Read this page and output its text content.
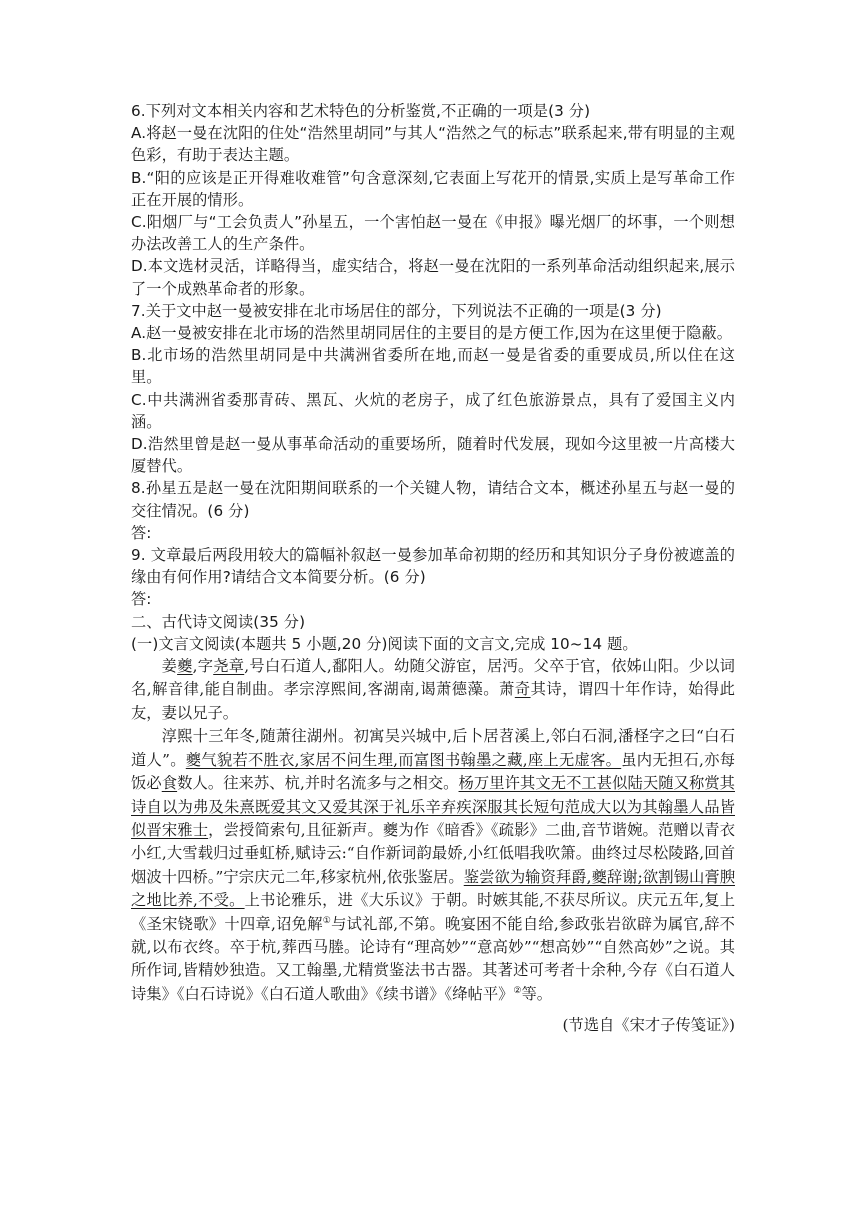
6.下列对文本相关内容和艺术特色的分析鉴赏,不正确的一项是(3 分)

A.将赵一曼在沈阳的住处“浩然里胡同”与其人“浩然之气的标志”联系起来,带有明显的主观色彩，有助于表达主题。

B.“阳的应该是正开得难收难管”句含意深刻,它表面上写花开的情景,实质上是写革命工作正在开展的情形。

C.阳烟厂与“工会负责人”孙星五，一个害怕赵一曼在《申报》曝光烟厂的坏事，一个则想办法改善工人的生产条件。

D.本文选材灵活，详略得当，虚实结合，将赵一曼在沈阳的一系列革命活动组织起来,展示了一个成熟革命者的形象。

7.关于文中赵一曼被安排在北市场居住的部分，下列说法不正确的一项是(3 分)

A.赵一曼被安排在北市场的浩然里胡同居住的主要目的是方便工作,因为在这里便于隐蔽。

B.北市场的浩然里胡同是中共满洲省委所在地,而赵一曼是省委的重要成员,所以住在这里。

C.中共满洲省委那青砖、黑瓦、火炕的老房子，成了红色旅游景点，具有了爱国主义内涵。

D.浩然里曾是赵一曼从事革命活动的重要场所，随着时代发展，现如今这里被一片高楼大厦替代。

8.孙星五是赵一曼在沈阳期间联系的一个关键人物，请结合文本，概述孙星五与赵一曼的交往情况。(6 分)

答:

9. 文章最后两段用较大的篇幅补叙赵一曼参加革命初期的经历和其知识分子身份被遮盖的缘由有何作用?请结合文本简要分析。(6 分)

答:

二、古代诗文阅读(35 分)

(一)文言文阅读(本题共 5 小题,20 分)阅读下面的文言文,完成 10~14 题。

姜夔,字尧章,号白石道人,鄱阳人。幼随父游宦，居沔。父卒于官，依姊山阳。少以词名,解音律,能自制曲。孝宗淳熙间,客湖南,谒萧德藻。萧奇其诗，谓四十年作诗，始得此友，妻以兄子。

淳熙十三年冬,随萧往湖州。初寓吴兴城中,后卜居苕溪上,邻白石洞,潘柽字之曰“白石道人”。夔气貌若不胜衣,家居不问生理,而富图书翰墨之藏,座上无虚客。虽内无担石,亦每饭必食数人。往来苏、杭,并时名流多与之相交。杨万里许其文无不工甚似陆天随又称赏其诗自以为弗及朱熹既爱其文又爱其深于礼乐辛弃疾深服其长短句范成大以为其翰墨人品皆似晋宋雅士，尝授简索句,且征新声。夔为作《暗香》《疏影》二曲,音节谐婉。范赠以青衣小红,大雪载归过垂虹桥,赋诗云:“自作新词韵最娇,小红低唱我吹箫。曲终过尽松陵路,回首烟波十四桥。”宁宗庆元二年,移家杭州,依张鉴居。鉴尝欲为输资拜爵,夔辞谢;欲割锡山膏腴之地比养,不受。上书论雅乐，进《大乐议》于朝。时嫉其能,不获尽所议。庆元五年,复上《圣宋铙歌》十四章,诏免解①与试礼部,不第。晚宴困不能自给,参政张岩欲辟为属官,辞不就,以布衣终。卒于杭,葬西马塍。论诗有“理高妙”“意高妙”“想高妙”“自然高妙”之说。其所作词,皆精妙独造。又工翰墨,尤精赏鉴法书古器。其著述可考者十余种,今存《白石道人诗集》《白石诗说》《白石道人歌曲》《续书谱》《绛帖平》②等。

(节选自《宋才子传笺证》)
